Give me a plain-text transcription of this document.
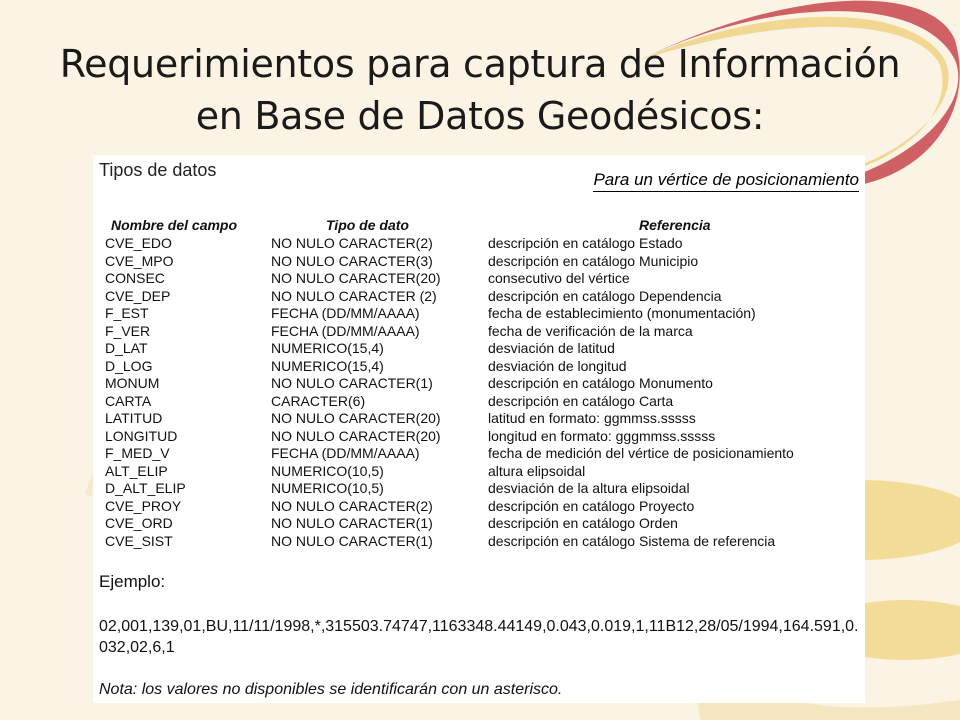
Requerimientos para captura de Información en Base de Datos Geodésicos:
Tipos de datos	Para un vértice de posicionamiento
Nombre del campo	Tipo de dato	Referencia
CVE_EDO	NO NULO CARACTER(2)	descripción en catálogo Estado
CVE_MPO	NO NULO CARACTER(3)	descripción en catálogo Municipio
CONSEC	NO NULO CARACTER(20)	consecutivo del vértice
CVE_DEP	NO NULO CARACTER (2)	descripción en catálogo Dependencia
F_EST	FECHA (DD/MM/AAAA)	fecha de establecimiento (monumentación)
F_VER	FECHA (DD/MM/AAAA)	fecha de verificación de la marca
D_LAT	NUMERICO(15,4)	desviación de latitud
D_LOG	NUMERICO(15,4)	desviación de longitud
MONUM	NO NULO CARACTER(1)	descripción en catálogo Monumento
CARTA	CARACTER(6)	descripción en catálogo Carta
LATITUD	NO NULO CARACTER(20)	latitud en formato: ggmmss.sssss
LONGITUD	NO NULO CARACTER(20)	longitud en formato: gggmmss.sssss
F_MED_V	FECHA (DD/MM/AAAA)	fecha de medición del vértice de posicionamiento
ALT_ELIP	NUMERICO(10,5)	altura elipsoidal
D_ALT_ELIP	NUMERICO(10,5)	desviación de la altura elipsoidal
CVE_PROY	NO NULO CARACTER(2)	descripción en catálogo Proyecto
CVE_ORD	NO NULO CARACTER(1)	descripción en catálogo Orden
CVE_SIST	NO NULO CARACTER(1)	descripción en catálogo Sistema de referencia
Ejemplo:
02,001,139,01,BU,11/11/1998,*,315503.74747,1163348.44149,0.043,0.019,1,11B12,28/05/1994,164.591,0.032,02,6,1
Nota: los valores no disponibles se identificarán con un asterisco.
